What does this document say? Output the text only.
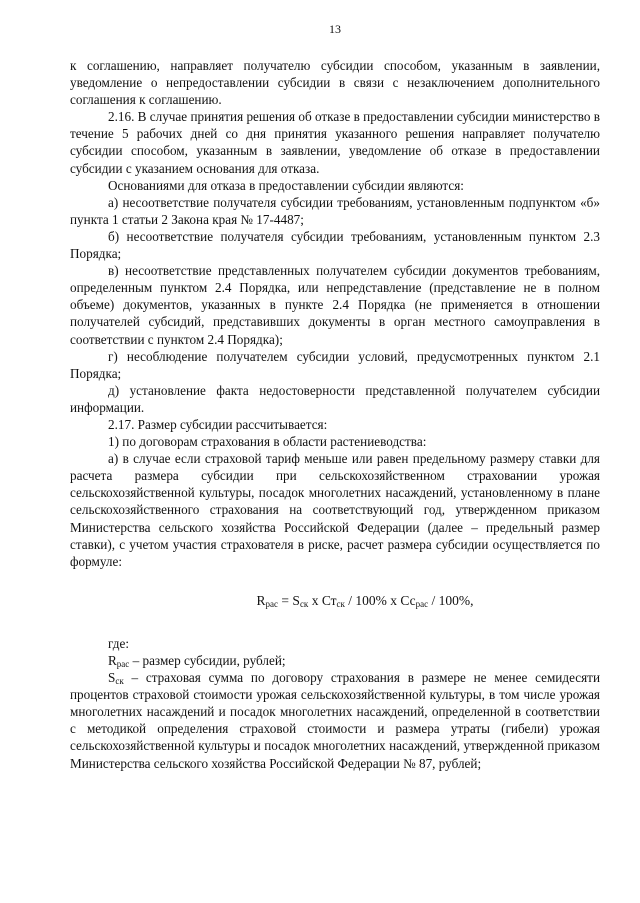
13

к соглашению, направляет получателю субсидии способом, указанным в заявлении, уведомление о непредоставлении субсидии в связи с незаключением дополнительного соглашения к соглашению.

2.16. В случае принятия решения об отказе в предоставлении субсидии министерство в течение 5 рабочих дней со дня принятия указанного решения направляет получателю субсидии способом, указанным в заявлении, уведомление об отказе в предоставлении субсидии с указанием основания для отказа.

Основаниями для отказа в предоставлении субсидии являются:

а) несоответствие получателя субсидии требованиям, установленным подпунктом «б» пункта 1 статьи 2 Закона края № 17-4487;

б) несоответствие получателя субсидии требованиям, установленным пунктом 2.3 Порядка;

в) несоответствие представленных получателем субсидии документов требованиям, определенным пунктом 2.4 Порядка, или непредставление (представление не в полном объеме) документов, указанных в пункте 2.4 Порядка (не применяется в отношении получателей субсидий, представивших документы в орган местного самоуправления в соответствии с пунктом 2.4 Порядка);

г) несоблюдение получателем субсидии условий, предусмотренных пунктом 2.1 Порядка;

д) установление факта недостоверности представленной получателем субсидии информации.

2.17. Размер субсидии рассчитывается:

1) по договорам страхования в области растениеводства:

а) в случае если страховой тариф меньше или равен предельному размеру ставки для расчета размера субсидии при сельскохозяйственном страховании урожая сельскохозяйственной культуры, посадок многолетних насаждений, установленному в плане сельскохозяйственного страхования на соответствующий год, утвержденном приказом Министерства сельского хозяйства Российской Федерации (далее – предельный размер ставки), с учетом участия страхователя в риске, расчет размера субсидии осуществляется по формуле:

$R_{рас} = S_{ск}$ х $Ст_{ск} / 100\%$ х $Сс_{рас} / 100\%$,

где:

$R_{рас}$ – размер субсидии, рублей;

$S_{ск}$ – страховая сумма по договору страхования в размере не менее семидесяти процентов страховой стоимости урожая сельскохозяйственной культуры, в том числе урожая многолетних насаждений и посадок многолетних насаждений, определенной в соответствии с методикой определения страховой стоимости и размера утраты (гибели) урожая сельскохозяйственной культуры и посадок многолетних насаждений, утвержденной приказом Министерства сельского хозяйства Российской Федерации № 87, рублей;
